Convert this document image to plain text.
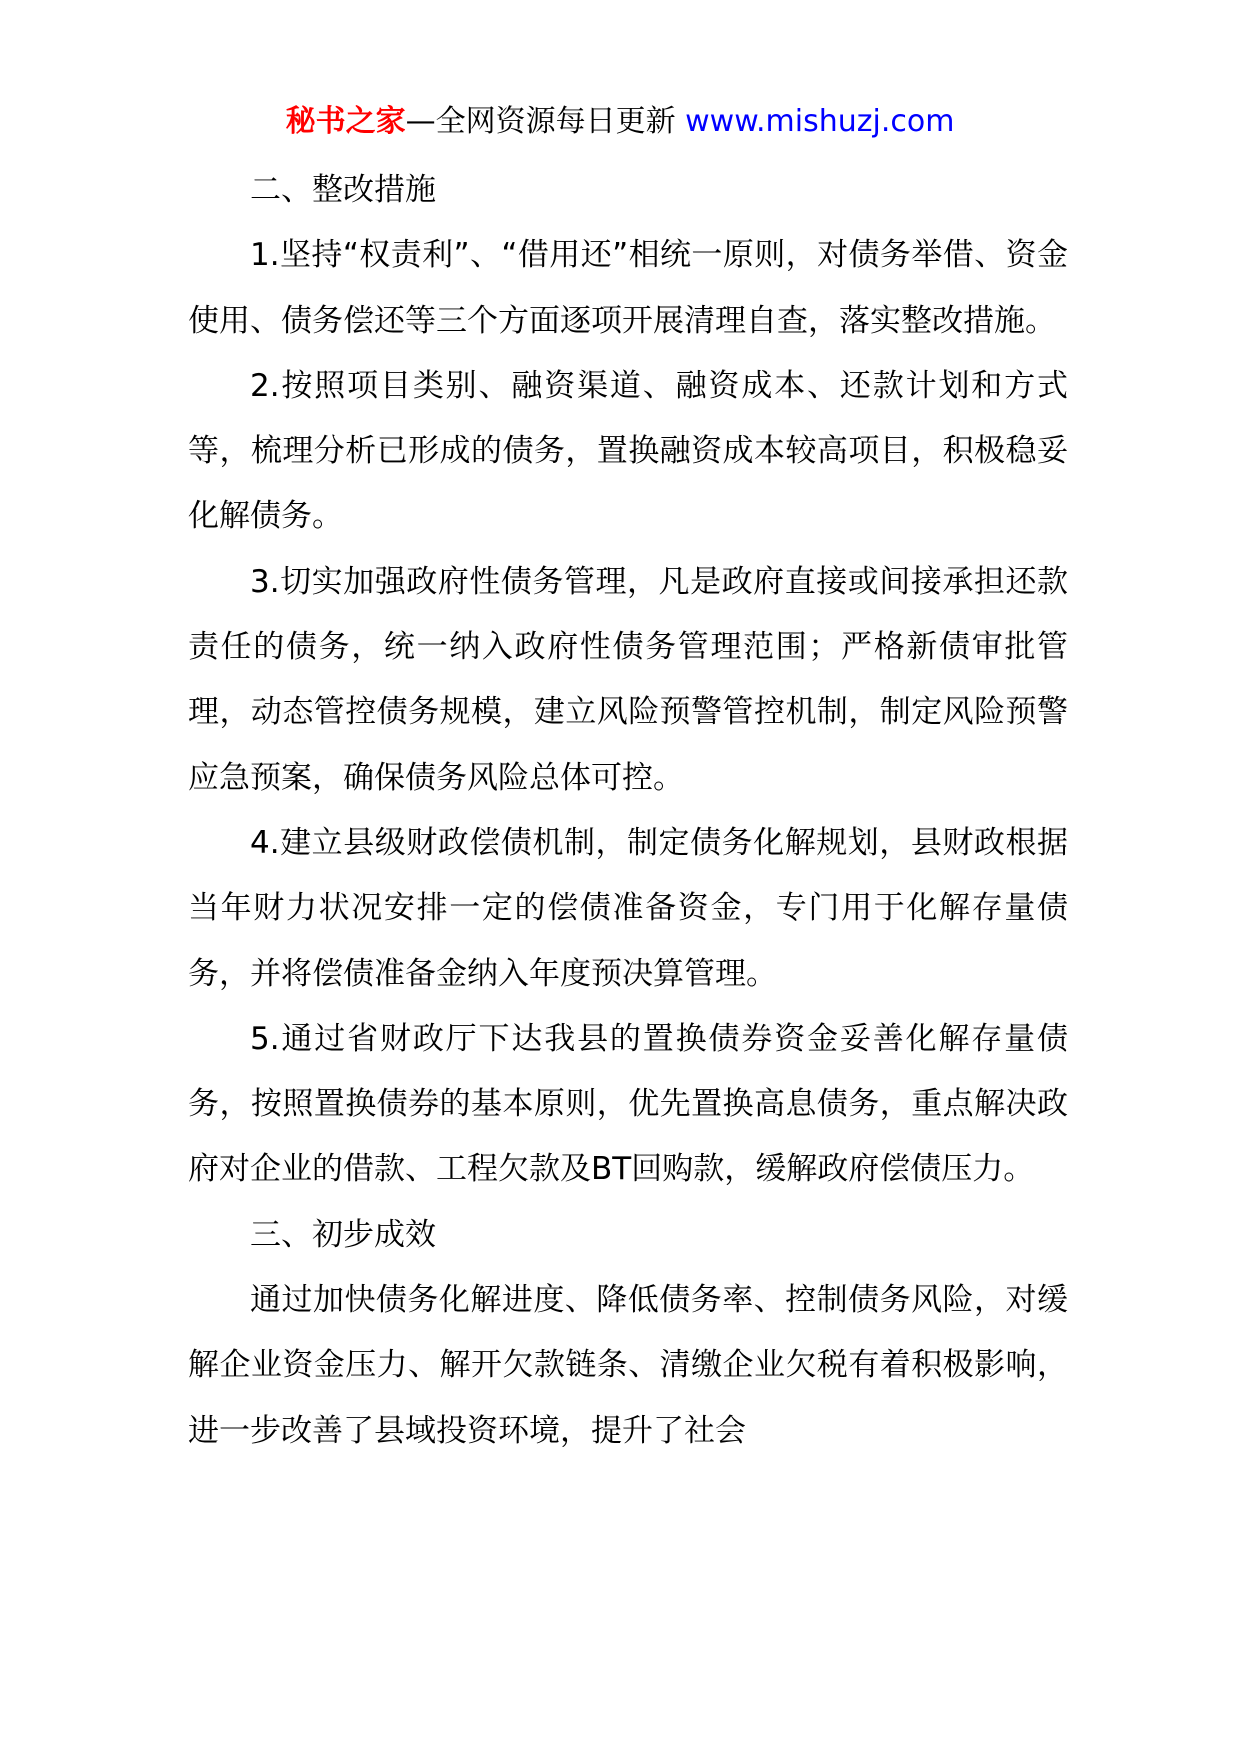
秘书之家—全网资源每日更新 www.mishuzj.com

二、整改措施

1.坚持“权责利”、“借用还”相统一原则，对债务举借、资金使用、债务偿还等三个方面逐项开展清理自查，落实整改措施。

2.按照项目类别、融资渠道、融资成本、还款计划和方式等，梳理分析已形成的债务，置换融资成本较高项目，积极稳妥化解债务。

3.切实加强政府性债务管理，凡是政府直接或间接承担还款责任的债务，统一纳入政府性债务管理范围；严格新债审批管理，动态管控债务规模，建立风险预警管控机制，制定风险预警应急预案，确保债务风险总体可控。

4.建立县级财政偿债机制，制定债务化解规划，县财政根据当年财力状况安排一定的偿债准备资金，专门用于化解存量债务，并将偿债准备金纳入年度预决算管理。

5.通过省财政厅下达我县的置换债券资金妥善化解存量债务，按照置换债券的基本原则，优先置换高息债务，重点解决政府对企业的借款、工程欠款及BT回购款，缓解政府偿债压力。

三、初步成效

通过加快债务化解进度、降低债务率、控制债务风险，对缓解企业资金压力、解开欠款链条、清缴企业欠税有着积极影响，进一步改善了县域投资环境，提升了社会
